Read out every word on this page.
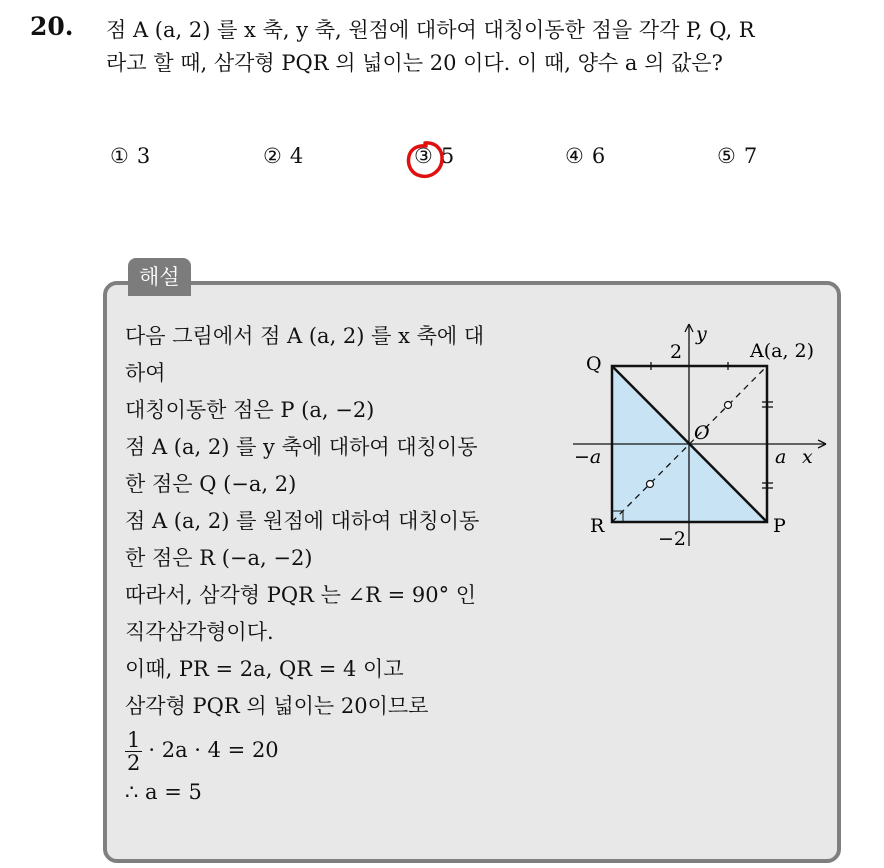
20. 점 A (a, 2) 를 x 축, y 축, 원점에 대하여 대칭이동한 점을 각각 P, Q, R
라고 할 때, 삼각형 PQR 의 넓이는 20 이다. 이 때, 양수 a 의 값은?
① 3	② 4	③ 5	④ 6	⑤ 7
해설
다음 그림에서 점 A (a, 2) 를 x 축에 대
하여
대칭이동한 점은 P (a, −2)
점 A (a, 2) 를 y 축에 대하여 대칭이동
한 점은 Q (−a, 2)
점 A (a, 2) 를 원점에 대하여 대칭이동
한 점은 R (−a, −2)
따라서, 삼각형 PQR 는 ∠R = 90° 인
직각삼각형이다.
이때, PR = 2a, QR = 4 이고
삼각형 PQR 의 넓이는 20이므로
$\frac{1}{2} \cdot 2a \cdot 4 = 20$
∴ a = 5
y
2	A(a, 2)
Q
O
−a	a x
R	P
−2
